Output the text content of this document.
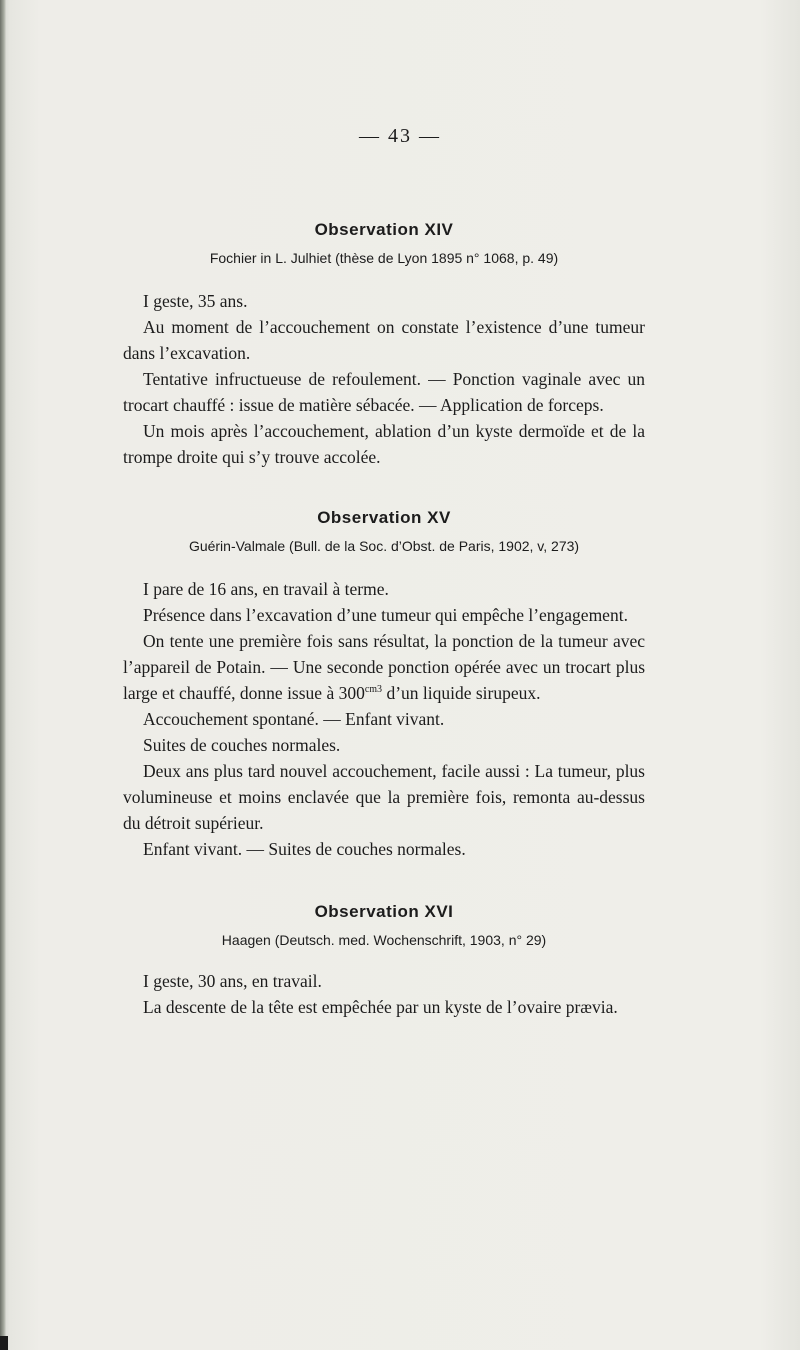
— 43 —
Observation XIV

Fochier in L. Julhiet (thèse de Lyon 1895 n° 1068, p. 49)

I geste, 35 ans.

Au moment de l’accouchement on constate l’existence d’une tumeur dans l’excavation.

Tentative infructueuse de refoulement. — Ponction vaginale avec un trocart chauffé : issue de matière sébacée. — Application de forceps.

Un mois après l’accouchement, ablation d’un kyste dermoïde et de la trompe droite qui s’y trouve accolée.

Observation XV

Guérin-Valmale (Bull. de la Soc. d’Obst. de Paris, 1902, v, 273)

I pare de 16 ans, en travail à terme.

Présence dans l’excavation d’une tumeur qui empêche l’engagement.

On tente une première fois sans résultat, la ponction de la tumeur avec l’appareil de Potain. — Une seconde ponction opérée avec un trocart plus large et chauffé, donne issue à $300^{cm3}$ d’un liquide sirupeux.

Accouchement spontané. — Enfant vivant.

Suites de couches normales.

Deux ans plus tard nouvel accouchement, facile aussi : La tumeur, plus volumineuse et moins enclavée que la première fois, remonta au-dessus du détroit supérieur.

Enfant vivant. — Suites de couches normales.

Observation XVI

Haagen (Deutsch. med. Wochenschrift, 1903, n° 29)

I geste, 30 ans, en travail.

La descente de la tête est empêchée par un kyste de l’ovaire prævia.
